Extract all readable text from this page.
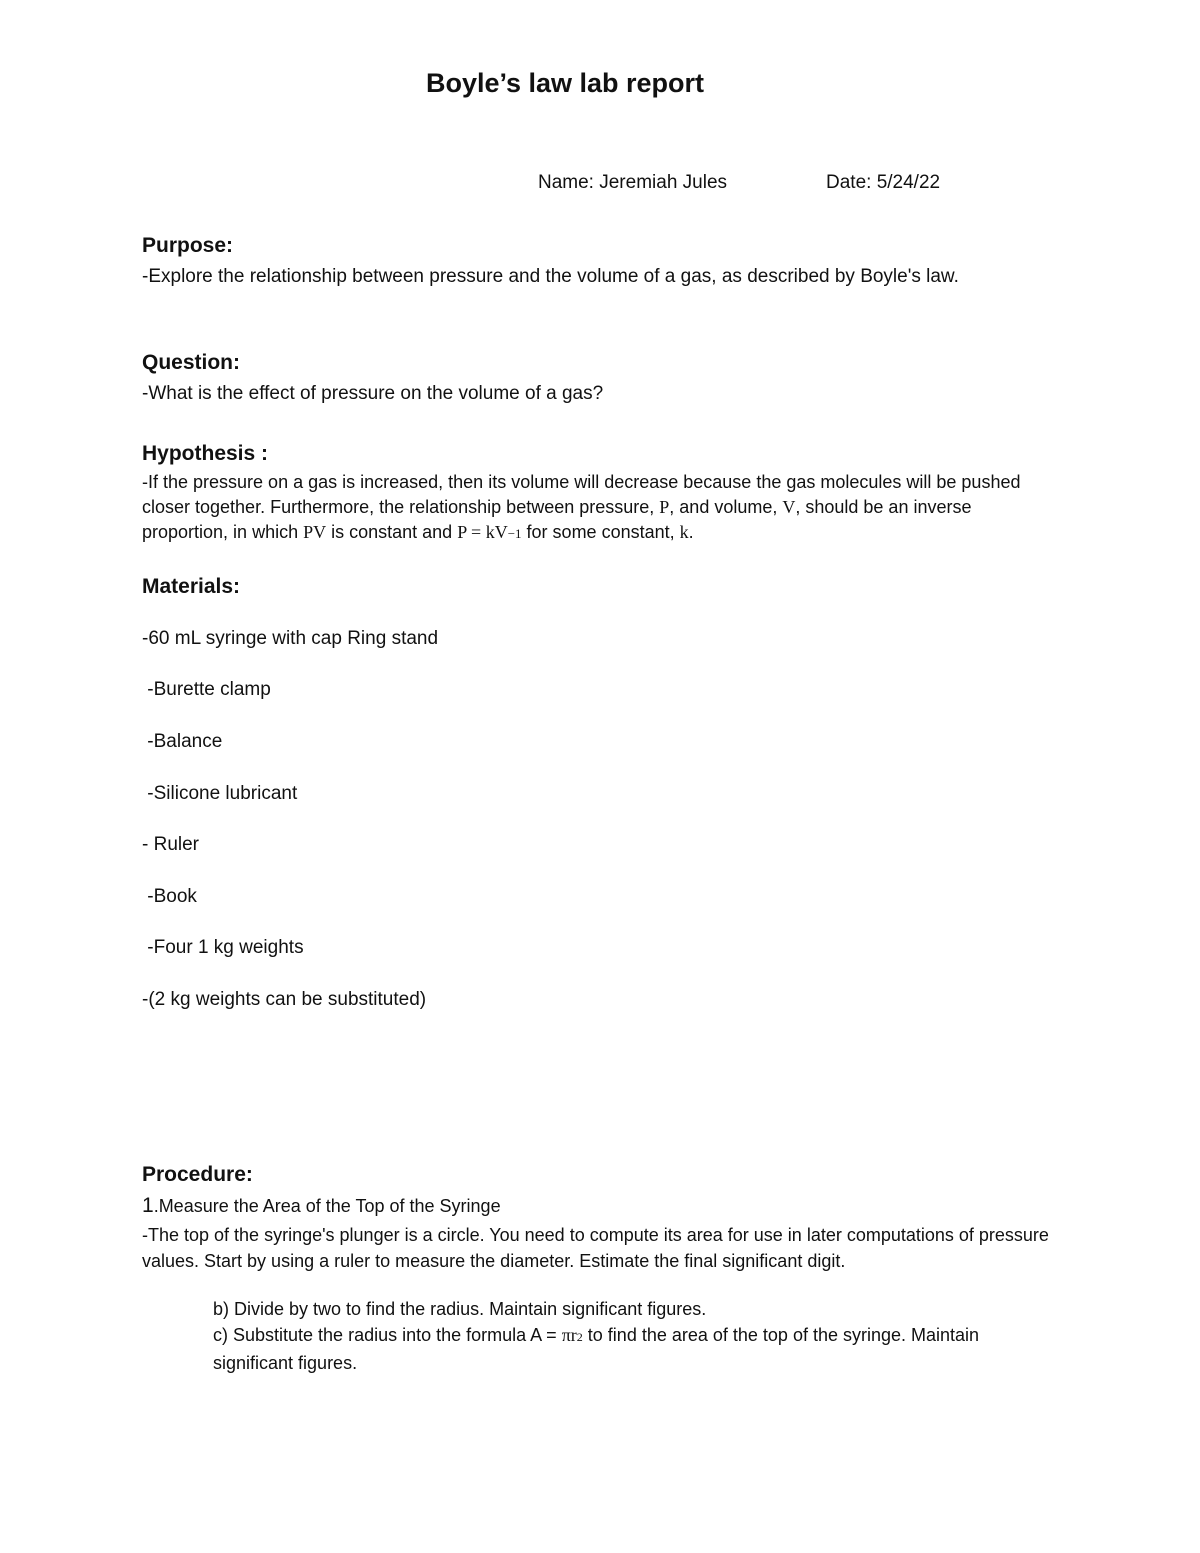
Boyle’s law lab report
Name: Jeremiah Jules	Date: 5/24/22
Purpose:

-Explore the relationship between pressure and the volume of a gas, as described by Boyle's law.

Question:

-What is the effect of pressure on the volume of a gas?

Hypothesis :

-If the pressure on a gas is increased, then its volume will decrease because the gas molecules will be pushed closer together. Furthermore, the relationship between pressure, P, and volume, V, should be an inverse proportion, in which PV is constant and P = kV−1 for some constant, k.

Materials:

-60 mL syringe with cap Ring stand

-Burette clamp

-Balance

-Silicone lubricant

- Ruler

-Book

-Four 1 kg weights

-(2 kg weights can be substituted)

Procedure:

1.Measure the Area of the Top of the Syringe

-The top of the syringe's plunger is a circle. You need to compute its area for use in later computations of pressure values. Start by using a ruler to measure the diameter. Estimate the final significant digit.

b) Divide by two to find the radius. Maintain significant figures.

c) Substitute the radius into the formula A = πr2 to find the area of the top of the syringe. Maintain significant figures.
